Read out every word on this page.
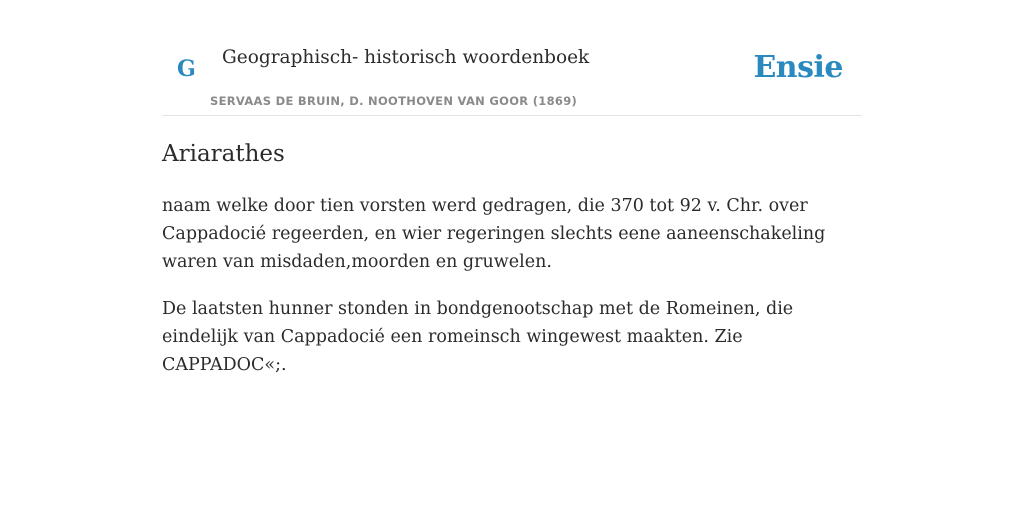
G Geographisch- historisch woordenboek
SERVAAS DE BRUIN, D. NOOTHOVEN VAN GOOR (1869)
Ensie
Ariarathes

naam welke door tien vorsten werd gedragen, die 370 tot 92 v. Chr. over Cappadocié regeerden, en wier regeringen slechts eene aaneenschakeling waren van misdaden,moorden en gruwelen.

De laatsten hunner stonden in bondgenootschap met de Romeinen, die eindelijk van Cappadocié een romeinsch wingewest maakten. Zie CAPPADOC«;.
